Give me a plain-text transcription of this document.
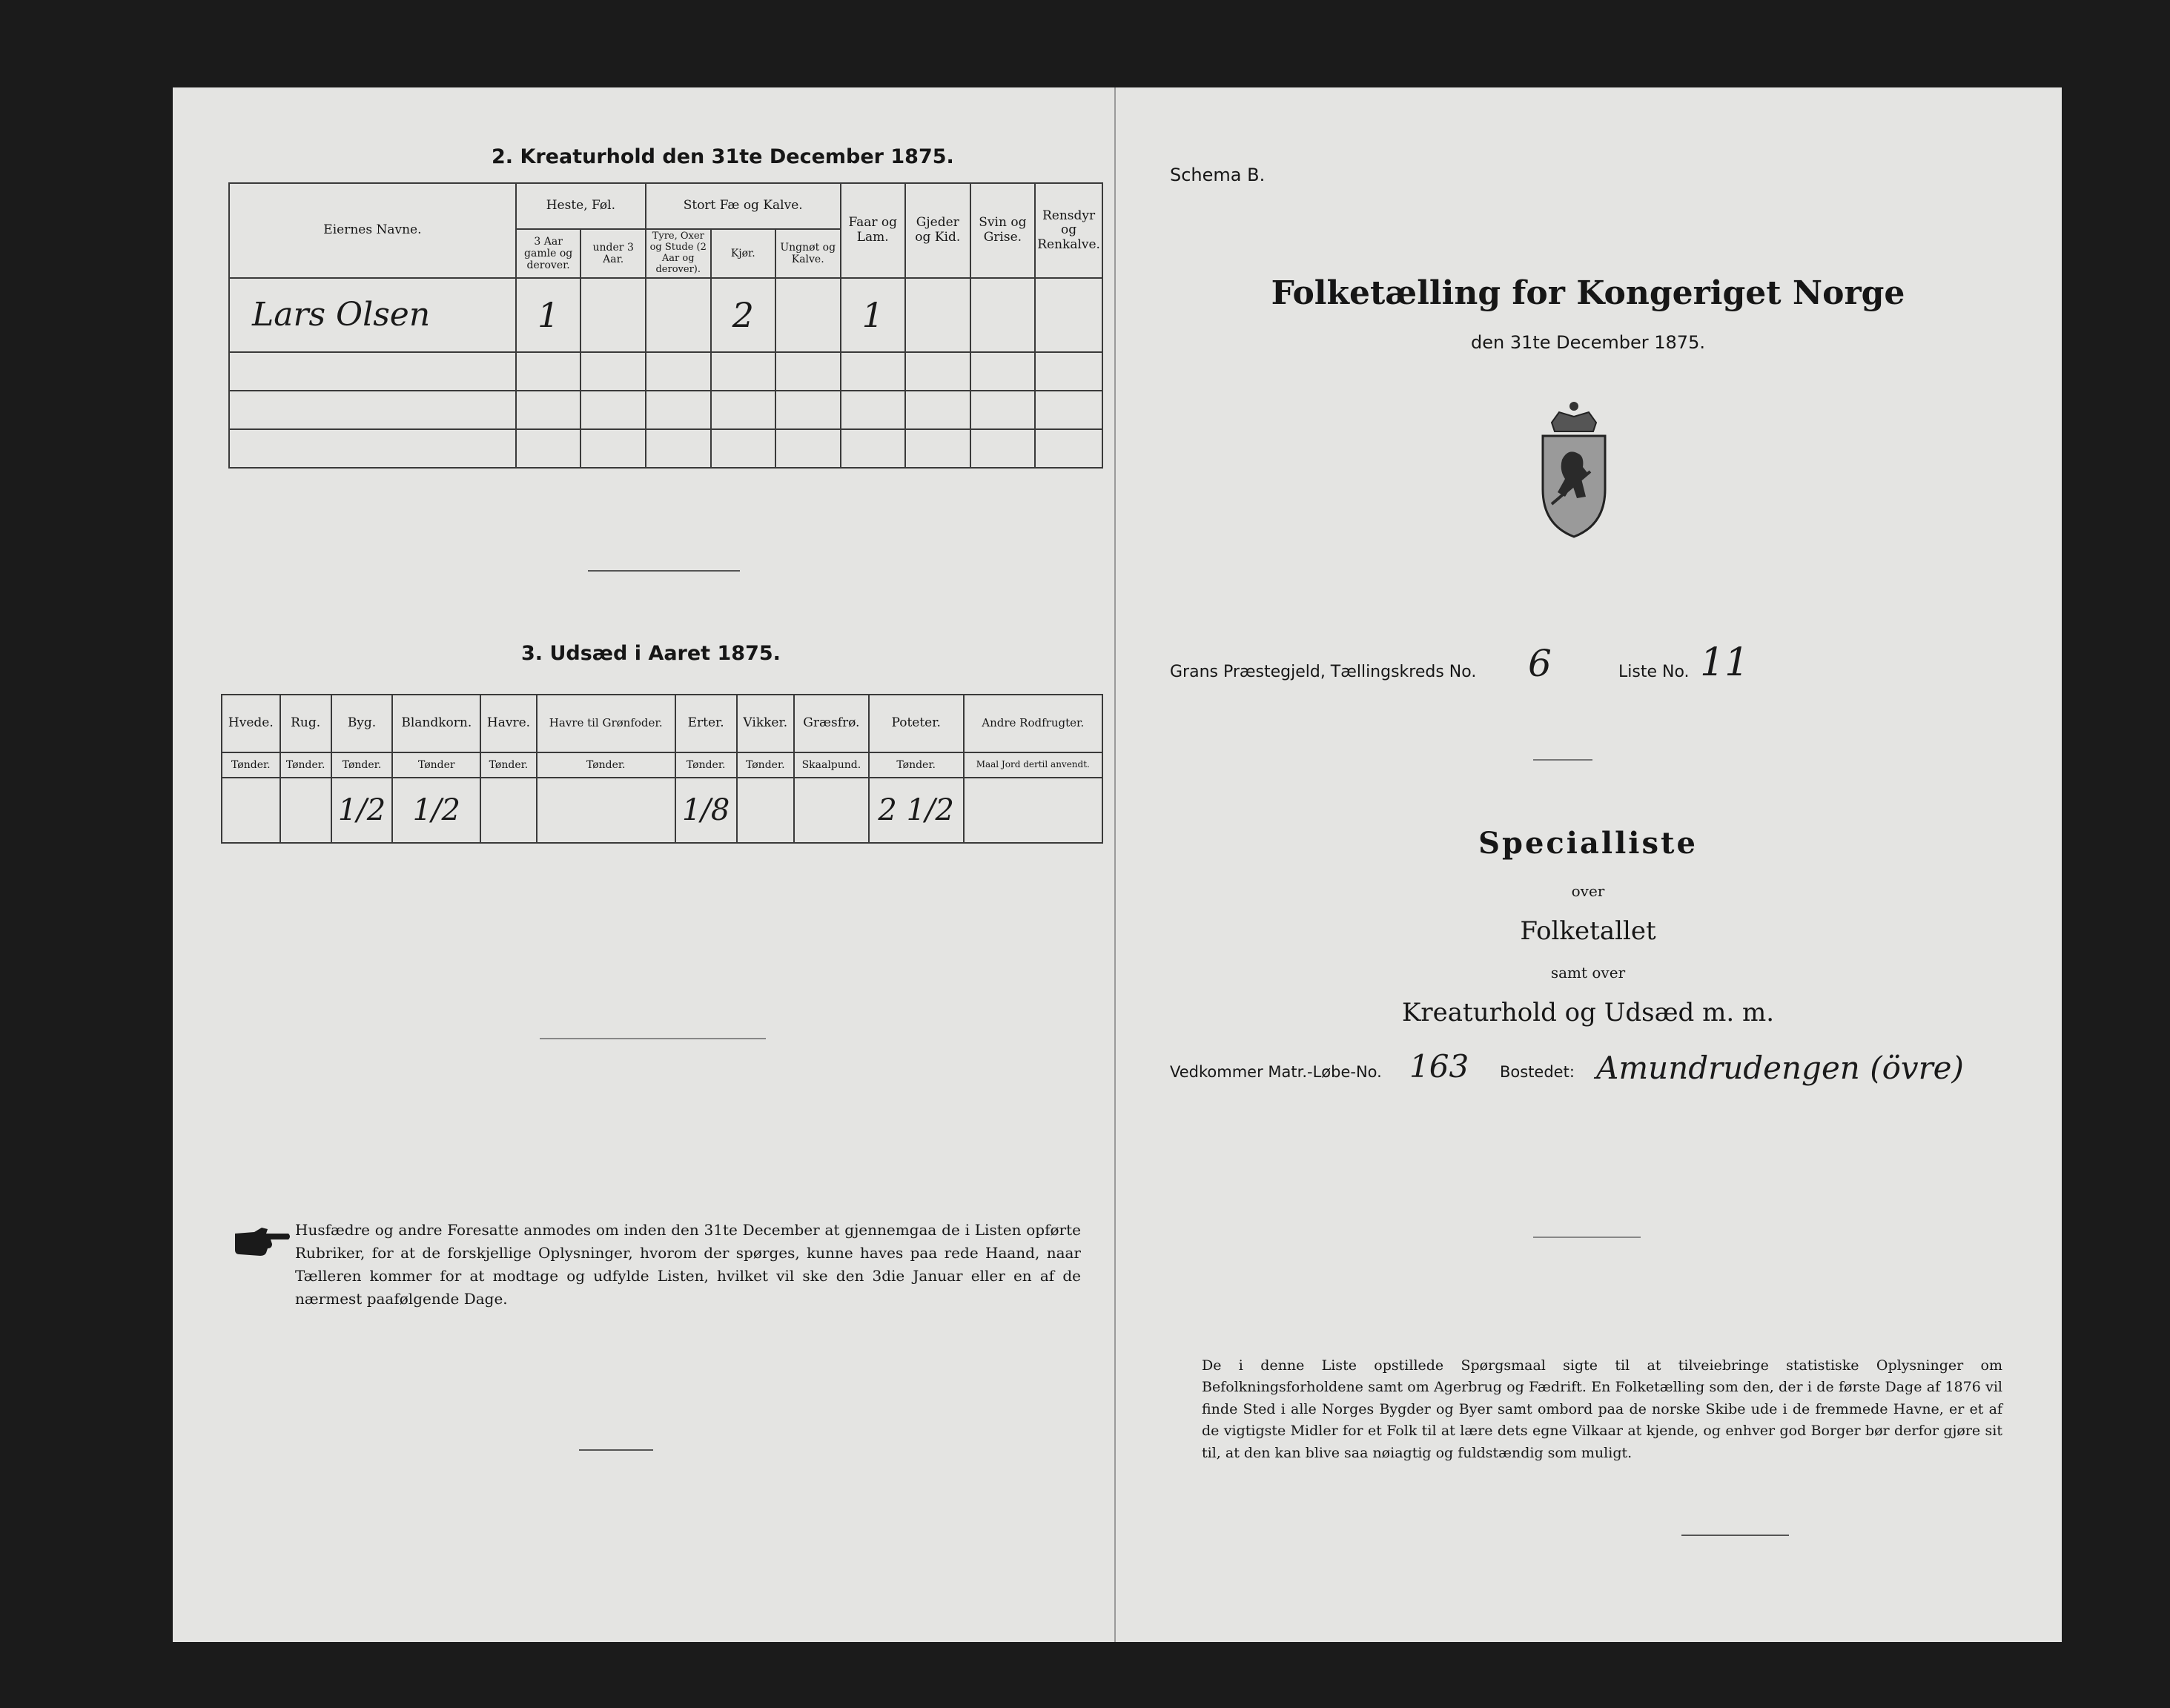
2. Kreaturhold den 31te December 1875.
Eiernes Navne.	Heste, Føl.		Stort Fæ og Kalve.			Faar og Lam.	Gjeder og Kid.	Svin og Grise.	Rensdyr og Renkalve.
	3 Aar gamle og derover.	under 3 Aar.	Tyre, Oxer og Stude (2 Aar og derover).	Kjør.	Ungnøt og Kalve.				
Lars Olsen	1			2		1			

3. Udsæd i Aaret 1875.
Hvede.	Rug.	Byg.	Blandkorn.	Havre.	Havre til Grønfoder.	Erter.	Vikker.	Græsfrø.	Poteter.	Andre Rodfrugter.
Tønder.	Tønder.	Tønder.	Tønder	Tønder.	Tønder.	Tønder.	Tønder.	Skaalpund.	Tønder.	Maal Jord dertil anvendt.
		1/2	1/2			1/8			2 1/2	
Husfædre og andre Foresatte anmodes om inden den 31te December at gjennemgaa de i Listen opførte Rubriker, for at de forskjellige Oplysninger, hvorom der spørges, kunne haves paa rede Haand, naar Tælleren kommer for at modtage og udfylde Listen, hvilket vil ske den 3die Januar eller en af de nærmest paafølgende Dage.
Schema B.
Folketælling for Kongeriget Norge
den 31te December 1875.
Grans Præstegjeld, Tællingskreds No. 6	Liste No. 11
Specialliste
over
Folketallet
samt over
Kreaturhold og Udsæd m. m.
Vedkommer Matr.-Løbe-No. 163 Bostedet: Amundrudengen (övre)
De i denne Liste opstillede Spørgsmaal sigte til at tilveiebringe statistiske Oplysninger om Befolkningsforholdene samt om Agerbrug og Fædrift. En Folketælling som den, der i de første Dage af 1876 vil finde Sted i alle Norges Bygder og Byer samt ombord paa de norske Skibe ude i de fremmede Havne, er et af de vigtigste Midler for et Folk til at lære dets egne Vilkaar at kjende, og enhver god Borger bør derfor gjøre sit til, at den kan blive saa nøiagtig og fuldstændig som muligt.
